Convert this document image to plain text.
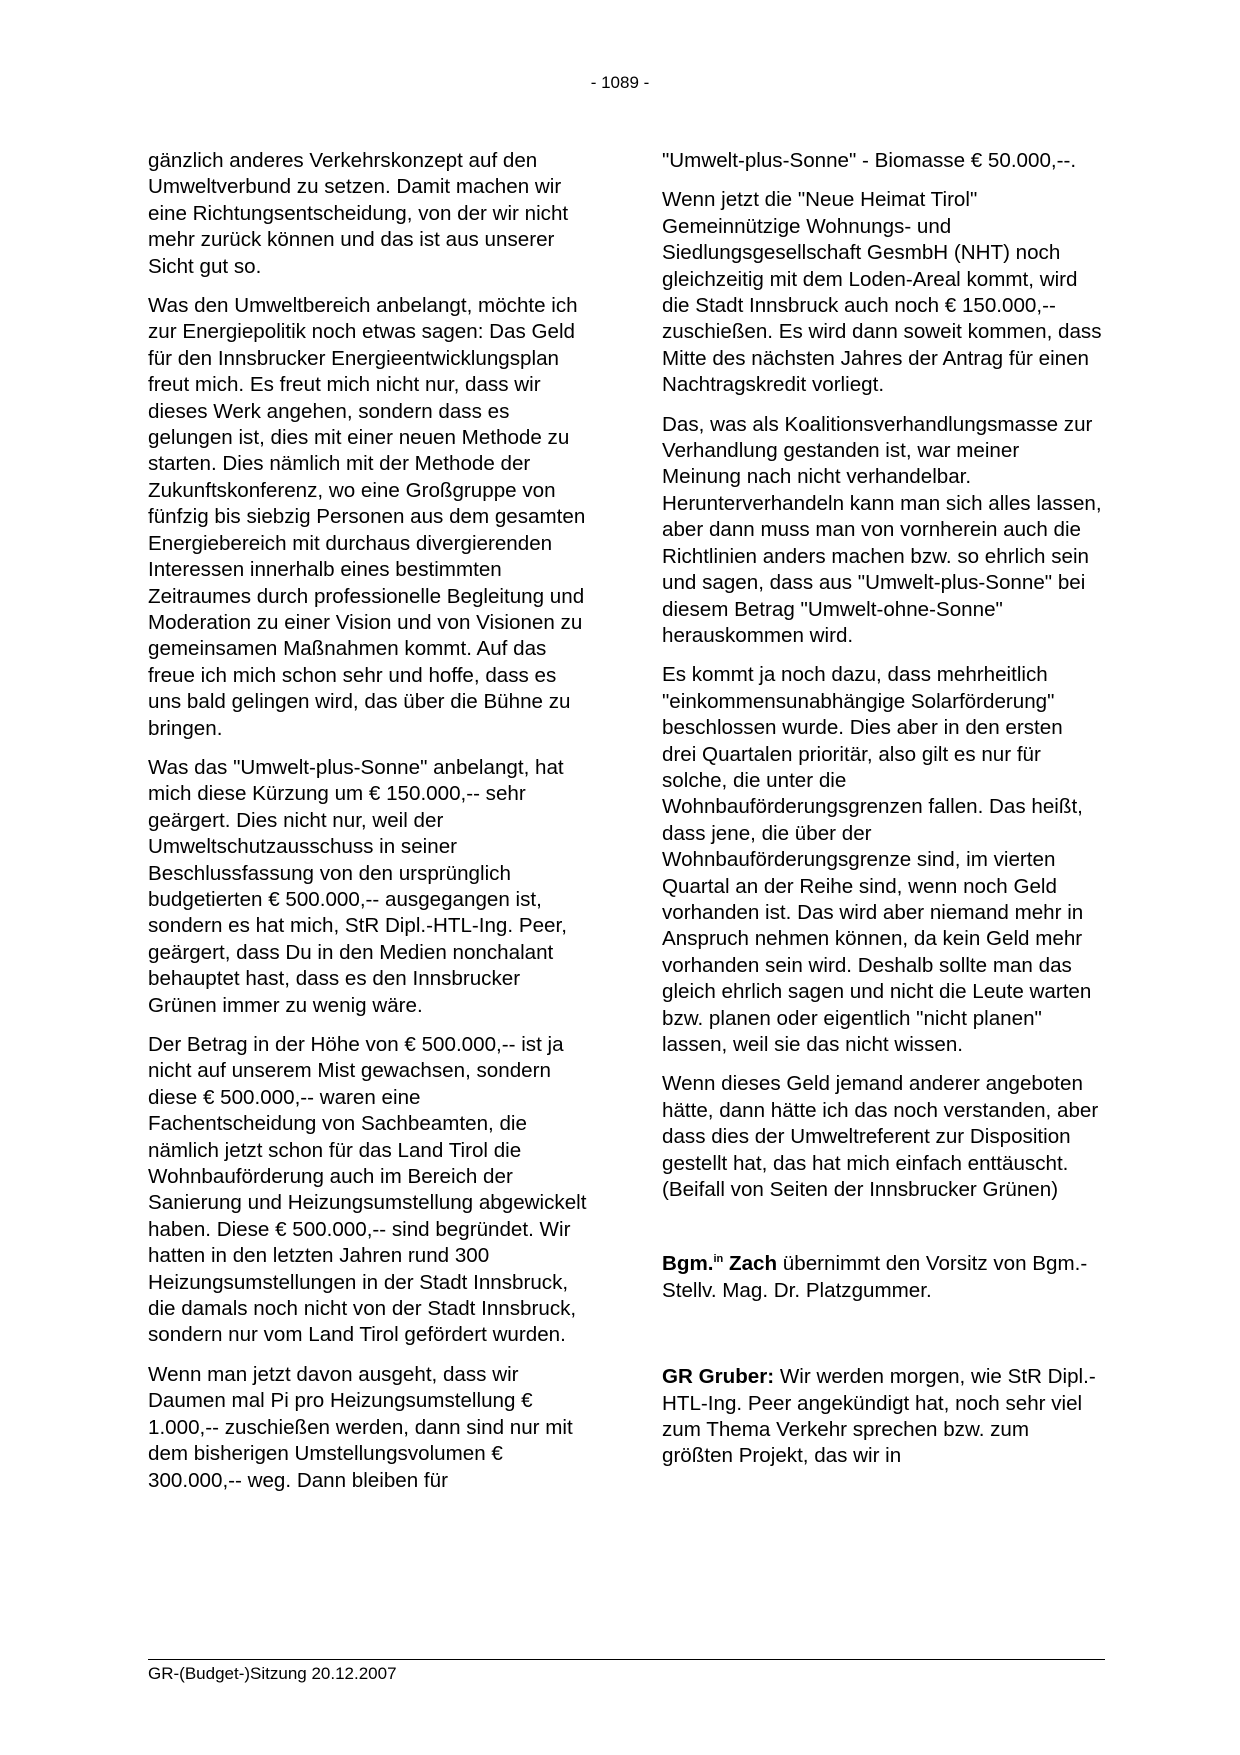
- 1089 -

gänzlich anderes Verkehrskonzept auf den Umweltverbund zu setzen. Damit machen wir eine Richtungsentscheidung, von der wir nicht mehr zurück können und das ist aus unserer Sicht gut so.

Was den Umweltbereich anbelangt, möchte ich zur Energiepolitik noch etwas sagen: Das Geld für den Innsbrucker Energieentwicklungsplan freut mich. Es freut mich nicht nur, dass wir dieses Werk angehen, sondern dass es gelungen ist, dies mit einer neuen Methode zu starten. Dies nämlich mit der Methode der Zukunftskonferenz, wo eine Großgruppe von fünfzig bis siebzig Personen aus dem gesamten Energiebereich mit durchaus divergierenden Interessen innerhalb eines bestimmten Zeitraumes durch professionelle Begleitung und Moderation zu einer Vision und von Visionen zu gemeinsamen Maßnahmen kommt. Auf das freue ich mich schon sehr und hoffe, dass es uns bald gelingen wird, das über die Bühne zu bringen.

Was das "Umwelt-plus-Sonne" anbelangt, hat mich diese Kürzung um € 150.000,-- sehr geärgert. Dies nicht nur, weil der Umweltschutzausschuss in seiner Beschlussfassung von den ursprünglich budgetierten € 500.000,-- ausgegangen ist, sondern es hat mich, StR Dipl.-HTL-Ing. Peer, geärgert, dass Du in den Medien nonchalant behauptet hast, dass es den Innsbrucker Grünen immer zu wenig wäre.

Der Betrag in der Höhe von € 500.000,-- ist ja nicht auf unserem Mist gewachsen, sondern diese € 500.000,-- waren eine Fachentscheidung von Sachbeamten, die nämlich jetzt schon für das Land Tirol die Wohnbauförderung auch im Bereich der Sanierung und Heizungsumstellung abgewickelt haben. Diese € 500.000,-- sind begründet. Wir hatten in den letzten Jahren rund 300 Heizungsumstellungen in der Stadt Innsbruck, die damals noch nicht von der Stadt Innsbruck, sondern nur vom Land Tirol gefördert wurden.

Wenn man jetzt davon ausgeht, dass wir Daumen mal Pi pro Heizungsumstellung € 1.000,-- zuschießen werden, dann sind nur mit dem bisherigen Umstellungsvolumen € 300.000,-- weg. Dann bleiben für

"Umwelt-plus-Sonne" - Biomasse € 50.000,--.

Wenn jetzt die "Neue Heimat Tirol" Gemeinnützige Wohnungs- und Siedlungsgesellschaft GesmbH (NHT) noch gleichzeitig mit dem Loden-Areal kommt, wird die Stadt Innsbruck auch noch € 150.000,-- zuschießen. Es wird dann soweit kommen, dass Mitte des nächsten Jahres der Antrag für einen Nachtragskredit vorliegt.

Das, was als Koalitionsverhandlungsmasse zur Verhandlung gestanden ist, war meiner Meinung nach nicht verhandelbar. Herunterverhandeln kann man sich alles lassen, aber dann muss man von vornherein auch die Richtlinien anders machen bzw. so ehrlich sein und sagen, dass aus "Umwelt-plus-Sonne" bei diesem Betrag "Umwelt-ohne-Sonne" herauskommen wird.

Es kommt ja noch dazu, dass mehrheitlich "einkommensunabhängige Solarförderung" beschlossen wurde. Dies aber in den ersten drei Quartalen prioritär, also gilt es nur für solche, die unter die Wohnbauförderungsgrenzen fallen. Das heißt, dass jene, die über der Wohnbauförderungsgrenze sind, im vierten Quartal an der Reihe sind, wenn noch Geld vorhanden ist. Das wird aber niemand mehr in Anspruch nehmen können, da kein Geld mehr vorhanden sein wird. Deshalb sollte man das gleich ehrlich sagen und nicht die Leute warten bzw. planen oder eigentlich "nicht planen" lassen, weil sie das nicht wissen.

Wenn dieses Geld jemand anderer angeboten hätte, dann hätte ich das noch verstanden, aber dass dies der Umweltreferent zur Disposition gestellt hat, das hat mich einfach enttäuscht. (Beifall von Seiten der Innsbrucker Grünen)

Bgm.$^{in}$ Zach übernimmt den Vorsitz von Bgm.-Stellv. Mag. Dr. Platzgummer.

GR Gruber: Wir werden morgen, wie StR Dipl.-HTL-Ing. Peer angekündigt hat, noch sehr viel zum Thema Verkehr sprechen bzw. zum größten Projekt, das wir in

GR-(Budget-)Sitzung 20.12.2007
